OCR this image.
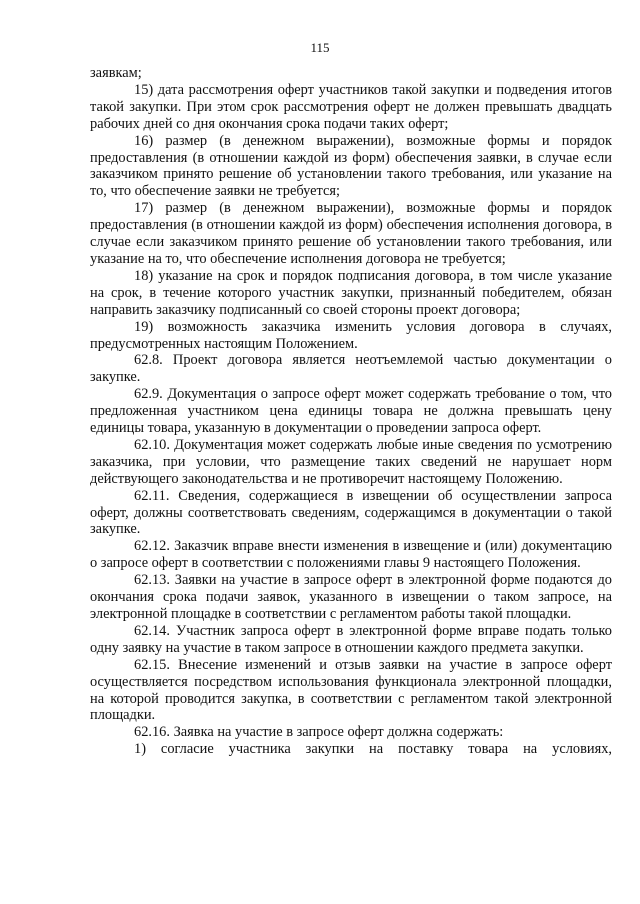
115

заявкам;

15) дата рассмотрения оферт участников такой закупки и подведения итогов такой закупки. При этом срок рассмотрения оферт не должен превышать двадцать рабочих дней со дня окончания срока подачи таких оферт;

16) размер (в денежном выражении), возможные формы и порядок предоставления (в отношении каждой из форм) обеспечения заявки, в случае если заказчиком принято решение об установлении такого требования, или указание на то, что обеспечение заявки не требуется;

17) размер (в денежном выражении), возможные формы и порядок предоставления (в отношении каждой из форм) обеспечения исполнения договора, в случае если заказчиком принято решение об установлении такого требования, или указание на то, что обеспечение исполнения договора не требуется;

18) указание на срок и порядок подписания договора, в том числе указание на срок, в течение которого участник закупки, признанный победителем, обязан направить заказчику подписанный со своей стороны проект договора;

19) возможность заказчика изменить условия договора в случаях, предусмотренных настоящим Положением.

62.8. Проект договора является неотъемлемой частью документации о закупке.

62.9. Документация о запросе оферт может содержать требование о том, что предложенная участником цена единицы товара не должна превышать цену единицы товара, указанную в документации о проведении запроса оферт.

62.10. Документация может содержать любые иные сведения по усмотрению заказчика, при условии, что размещение таких сведений не нарушает норм действующего законодательства и не противоречит настоящему Положению.

62.11. Сведения, содержащиеся в извещении об осуществлении запроса оферт, должны соответствовать сведениям, содержащимся в документации о такой закупке.

62.12. Заказчик вправе внести изменения в извещение и (или) документацию о запросе оферт в соответствии с положениями главы 9 настоящего Положения.

62.13. Заявки на участие в запросе оферт в электронной форме подаются до окончания срока подачи заявок, указанного в извещении о таком запросе, на электронной площадке в соответствии с регламентом работы такой площадки.

62.14. Участник запроса оферт в электронной форме вправе подать только одну заявку на участие в таком запросе в отношении каждого предмета закупки.

62.15. Внесение изменений и отзыв заявки на участие в запросе оферт осуществляется посредством использования функционала электронной площадки, на которой проводится закупка, в соответствии с регламентом такой электронной площадки.

62.16. Заявка на участие в запросе оферт должна содержать:

1) согласие участника закупки на поставку товара на условиях,
